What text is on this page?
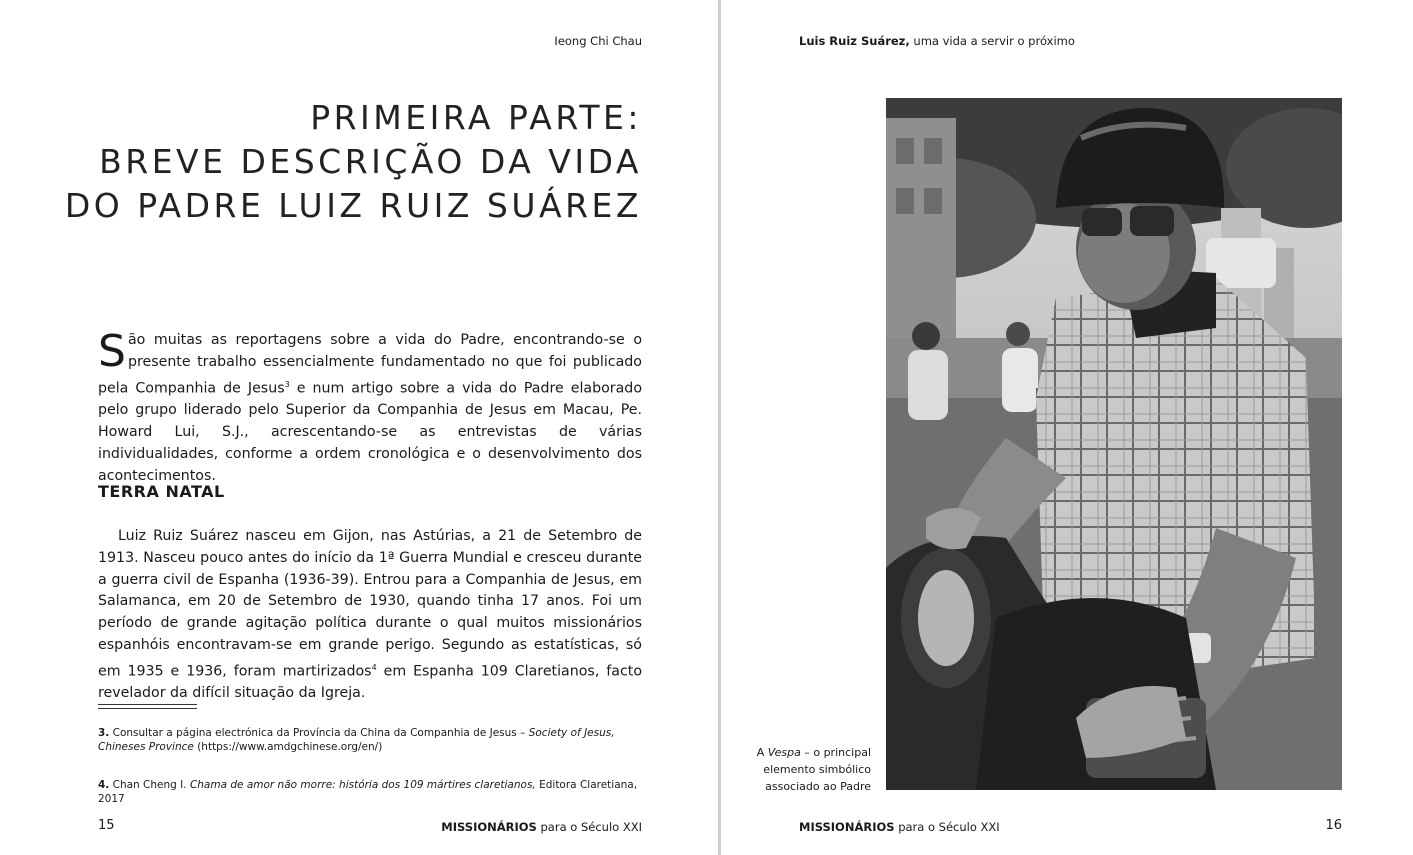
Ieong Chi Chau
PRIMEIRA PARTE:
BREVE DESCRIÇÃO DA VIDA
DO PADRE LUIZ RUIZ SUÁREZ

São muitas as reportagens sobre a vida do Padre, encontrando-se o presente trabalho essencialmente fundamentado no que foi publicado pela Companhia de Jesus$^3$ e num artigo sobre a vida do Padre elaborado pelo grupo liderado pelo Superior da Companhia de Jesus em Macau, Pe. Howard Lui, S.J., acrescentando-se as entrevistas de várias individualidades, conforme a ordem cronológica e o desenvolvimento dos acontecimentos.

TERRA NATAL

Luiz Ruiz Suárez nasceu em Gijon, nas Astúrias, a 21 de Setembro de 1913. Nasceu pouco antes do início da 1ª Guerra Mundial e cresceu durante a guerra civil de Espanha (1936-39). Entrou para a Companhia de Jesus, em Salamanca, em 20 de Setembro de 1930, quando tinha 17 anos. Foi um período de grande agitação política durante o qual muitos missionários espanhóis encontravam-se em grande perigo. Segundo as estatísticas, só em 1935 e 1936, foram martirizados$^4$ em Espanha 109 Claretianos, facto revelador da difícil situação da Igreja.

3. Consultar a página electrónica da Província da China da Companhia de Jesus – Society of Jesus, Chineses Province (https://www.amdgchinese.org/en/)

4. Chan Cheng I. Chama de amor não morre: história dos 109 mártires claretianos, Editora Claretiana, 2017

15	MISSIONÁRIOS para o Século XXI
Luis Ruiz Suárez, uma vida a servir o próximo

A Vespa – o principal elemento simbólico associado ao Padre

MISSIONÁRIOS para o Século XXI	16
